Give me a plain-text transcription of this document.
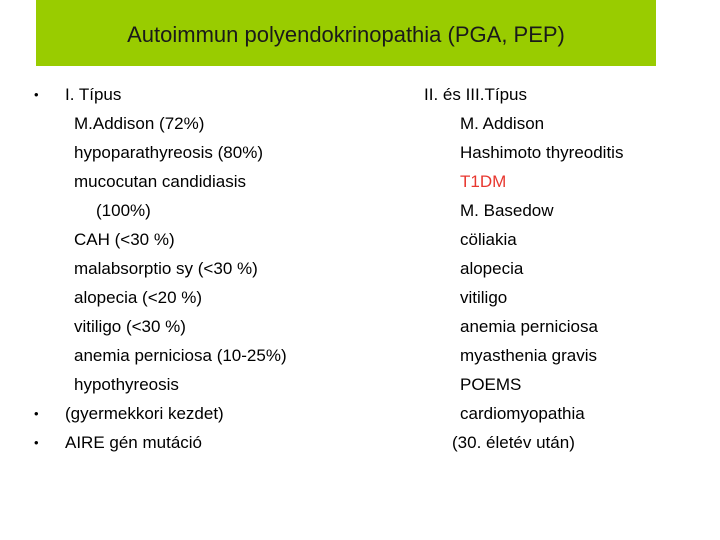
Autoimmun polyendokrinopathia (PGA, PEP)
• I. Típus
M.Addison (72%)
hypoparathyreosis (80%)
mucocutan candidiasis
(100%)
CAH (<30 %)
malabsorptio sy (<30 %)
alopecia (<20 %)
vitiligo (<30 %)
anemia perniciosa (10-25%)
hypothyreosis
• (gyermekkori kezdet)
• AIRE gén mutáció
II. és III.Típus
M. Addison
Hashimoto thyreoditis
T1DM
M. Basedow
cöliakia
alopecia
vitiligo
anemia perniciosa
myasthenia gravis
POEMS
cardiomyopathia
(30. életév után)
